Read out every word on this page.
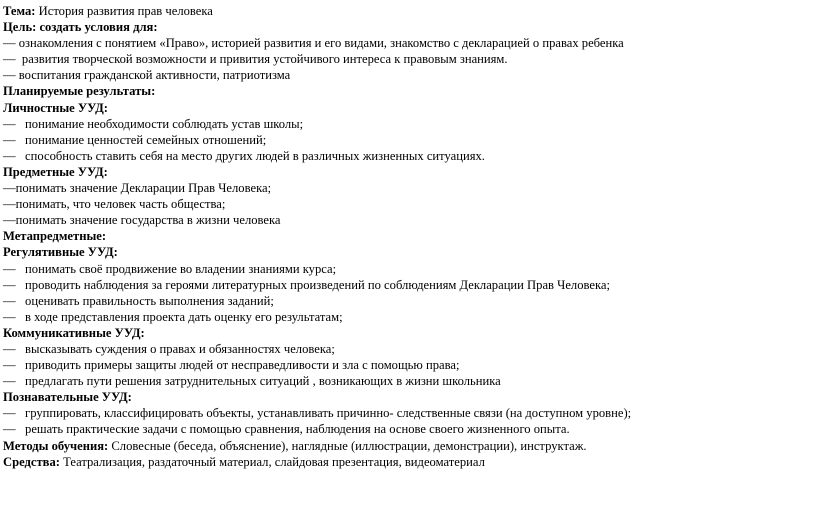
Тема: История развития прав человека

Цель: создать условия для:

— ознакомления с понятием «Право», историей развития и его видами, знакомство с декларацией о правах ребенка

—  развития творческой возможности и привития устойчивого интереса к правовым знаниям.

— воспитания гражданской активности, патриотизма

Планируемые результаты:

Личностные УУД:

—   понимание необходимости соблюдать устав школы;

—   понимание ценностей семейных отношений;

—   способность ставить себя на место других людей в различных жизненных ситуациях.

Предметные УУД:

—понимать значение Декларации Прав Человека;

—понимать, что человек часть общества;

—понимать значение государства в жизни человека

Метапредметные:

Регулятивные УУД:

—   понимать своё продвижение во владении знаниями курса;

—   проводить наблюдения за героями литературных произведений по соблюдениям Декларации Прав Человека;

—   оценивать правильность выполнения заданий;

—   в ходе представления проекта дать оценку его результатам;

Коммуникативные УУД:

—   высказывать суждения о правах и обязанностях человека;

—   приводить примеры защиты людей от несправедливости и зла с помощью права;

—   предлагать пути решения затруднительных ситуаций , возникающих в жизни школьника

Познавательные УУД:

—   группировать, классифицировать объекты, устанавливать причинно- следственные связи (на доступном уровне);

—   решать практические задачи с помощью сравнения, наблюдения на основе своего жизненного опыта.

Методы обучения: Словесные (беседа, объяснение), наглядные (иллюстрации, демонстрации), инструктаж.

Средства: Театрализация, раздаточный материал, слайдовая презентация, видеоматериал
